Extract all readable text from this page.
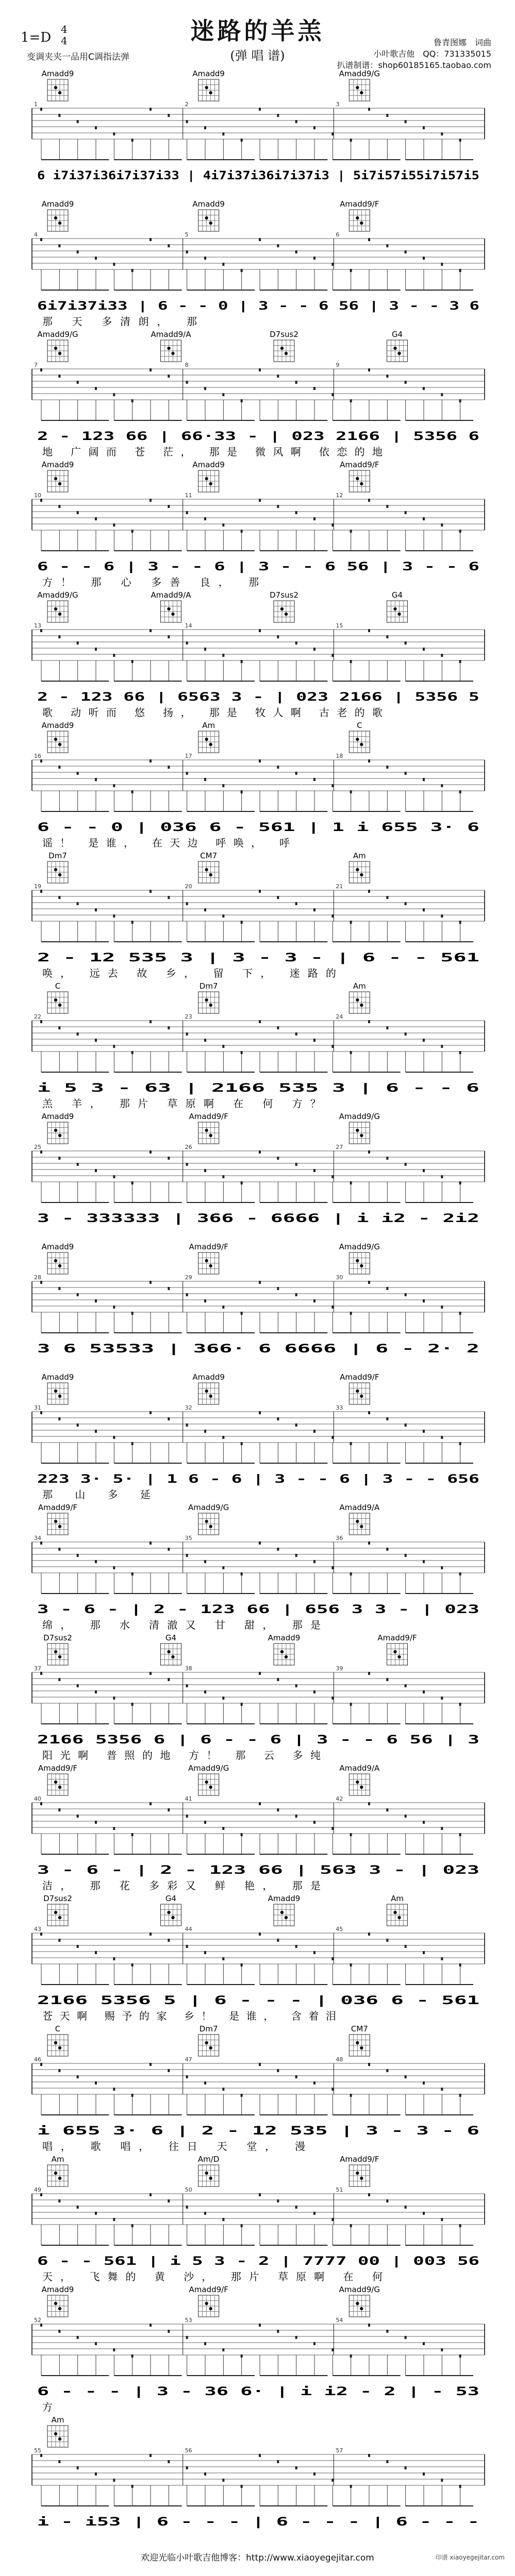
迷路的羊羔
(弹 唱 谱)
1=D
4
4
变调夹夹一品用C调指法弹
鲁青图娜　词曲
小叶歌吉他　QQ：731335015
扒谱制谱：shop60185165.taobao.com
Amadd9	Amadd9	Amadd9/G
1	2	3
6 i7i37i36i7i37i33 | 4i7i37i36i7i37i3 | 5i7i57i55i7i57i5
Amadd9	Amadd9	Amadd9/F
4	5	6
6i7i37i33 | 6 - - 0 | 3 - - 6 56 | 3 - - 3 6
那 天 多清朗， 那
Amadd9/G	Amadd9/A	D7sus2	G4
7	8	9
2 - 123 66 | 66·33 - | 023 2166 | 5356 6
地 广阔而 苍 茫， 那是 微风啊 依恋的地
Amadd9	Amadd9	Amadd9/F
10	11	12
6 - - 6 | 3 - - 6 | 3 - - 6 56 | 3 - - 6
方！ 那 心 多善 良， 那
Amadd9/G	Amadd9/A	D7sus2	G4
13	14	15
2 - 123 66 | 6563 3 - | 023 2166 | 5356 5
歌 动听而 悠 扬， 那是 牧人啊 古老的歌
Amadd9	Am	C
16	17	18
6 - - 0 | 036 6 - 561 | 1 i 655 3· 6
谣！ 是谁， 在天边 呼唤， 呼
Dm7	CM7	Am
19	20	21
2 - 12 535 3 | 3 - 3 - | 6 - - 561
唤， 远去 故 乡， 留 下， 迷路的
C	Dm7	Am
22	23	24
i 5 3 - 63 | 2166 535 3 | 6 - - 6
羔 羊， 那片 草原啊 在 何 方？
Amadd9	Amadd9/F	Amadd9/G
25	26	27
3 - 333333 | 366 - 6666 | i i2 - 2i2
Amadd9	Amadd9/F	Amadd9/G
28	29	30
3 6 53533 | 366· 6 6666 | 6 - 2· 2
Amadd9	Amadd9	Amadd9/F
31	32	33
223 3· 5· | 1 6 - 6 | 3 - - 6 | 3 - - 656
那 山 多 延
Amadd9/F	Amadd9/G	Amadd9/A
34	35	36
3 - 6 - | 2 - 123 66 | 656 3 3 - | 023
绵， 那 水 清澈又 甘 甜， 那是
D7sus2	G4	Amadd9	Amadd9/F
37	38	39
2166 5356 6 | 6 - - 6 | 3 - - 6 56 | 3
阳光啊 普照的地 方！ 那 云 多纯
Amadd9/F	Amadd9/G	Amadd9/A
40	41	42
3 - 6 - | 2 - 123 66 | 563 3 - | 023
洁， 那 花 多彩又 鲜 艳， 那是
D7sus2	G4	Amadd9	Am
43	44	45
2166 5356 5 | 6 - - - | 036 6 - 561
苍天啊 赐予的家 乡！ 是谁， 含着泪
C	Dm7	CM7
46	47	48
i 655 3· 6 | 2 - 12 535 | 3 - 3 - 6
唱， 歌 唱， 往日 天 堂， 漫
Am	Am/D	Amadd9/F
49	50	51
6 - - 561 | i 5 3 - 2 | 7777 00 | 003 56
天， 飞舞的 黄 沙， 那片 草原啊 在 何
Amadd9	Amadd9/F	Amadd9/G
52	53	54
6 - - - | 3 - 36 6· | i i2 - 2 | - 53
方
Am
55	56	57
i - i53 | 6 - - - | 6 - - - | 6 - - -
欢迎光临小叶歌吉他博客：http://www.xiaoyegejitar.com	印谱 xiaoyegejitar.com
